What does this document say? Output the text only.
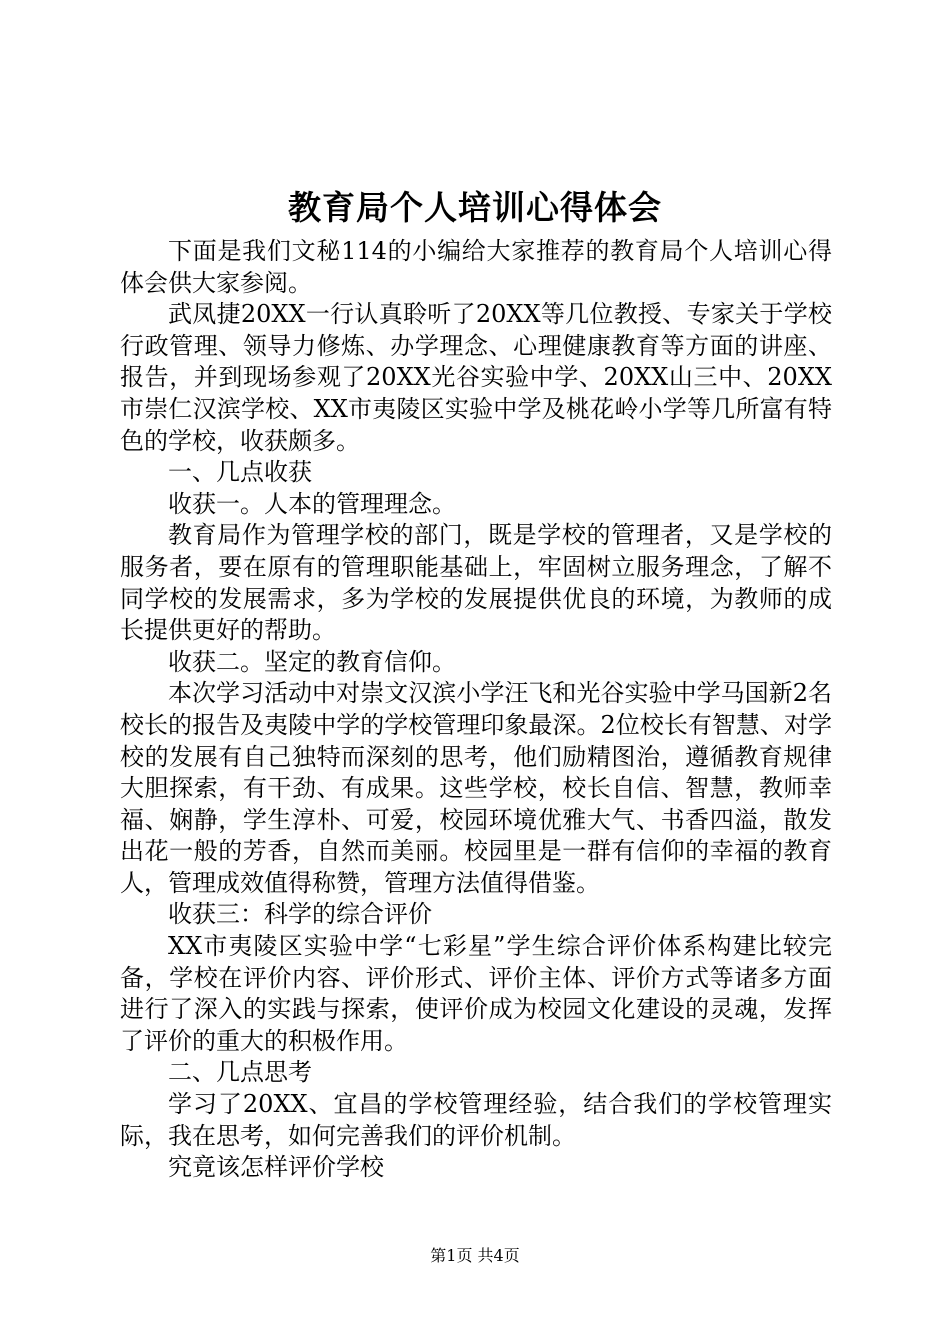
教育局个人培训心得体会

下面是我们文秘114的小编给大家推荐的教育局个人培训心得体会供大家参阅。

武凤捷20XX一行认真聆听了20XX等几位教授、专家关于学校行政管理、领导力修炼、办学理念、心理健康教育等方面的讲座、报告，并到现场参观了20XX光谷实验中学、20XX山三中、20XX市崇仁汉滨学校、XX市夷陵区实验中学及桃花岭小学等几所富有特色的学校，收获颇多。

一、几点收获

收获一。人本的管理理念。

教育局作为管理学校的部门，既是学校的管理者，又是学校的服务者，要在原有的管理职能基础上，牢固树立服务理念，了解不同学校的发展需求，多为学校的发展提供优良的环境，为教师的成长提供更好的帮助。

收获二。坚定的教育信仰。

本次学习活动中对崇文汉滨小学汪飞和光谷实验中学马国新2名校长的报告及夷陵中学的学校管理印象最深。2位校长有智慧、对学校的发展有自己独特而深刻的思考，他们励精图治，遵循教育规律大胆探索，有干劲、有成果。这些学校，校长自信、智慧，教师幸福、娴静，学生淳朴、可爱，校园环境优雅大气、书香四溢，散发出花一般的芳香，自然而美丽。校园里是一群有信仰的幸福的教育人，管理成效值得称赞，管理方法值得借鉴。

收获三：科学的综合评价

XX市夷陵区实验中学“七彩星”学生综合评价体系构建比较完备，学校在评价内容、评价形式、评价主体、评价方式等诸多方面进行了深入的实践与探索，使评价成为校园文化建设的灵魂，发挥了评价的重大的积极作用。

二、几点思考

学习了20XX、宜昌的学校管理经验，结合我们的学校管理实际，我在思考，如何完善我们的评价机制。

究竟该怎样评价学校

第1页 共4页
